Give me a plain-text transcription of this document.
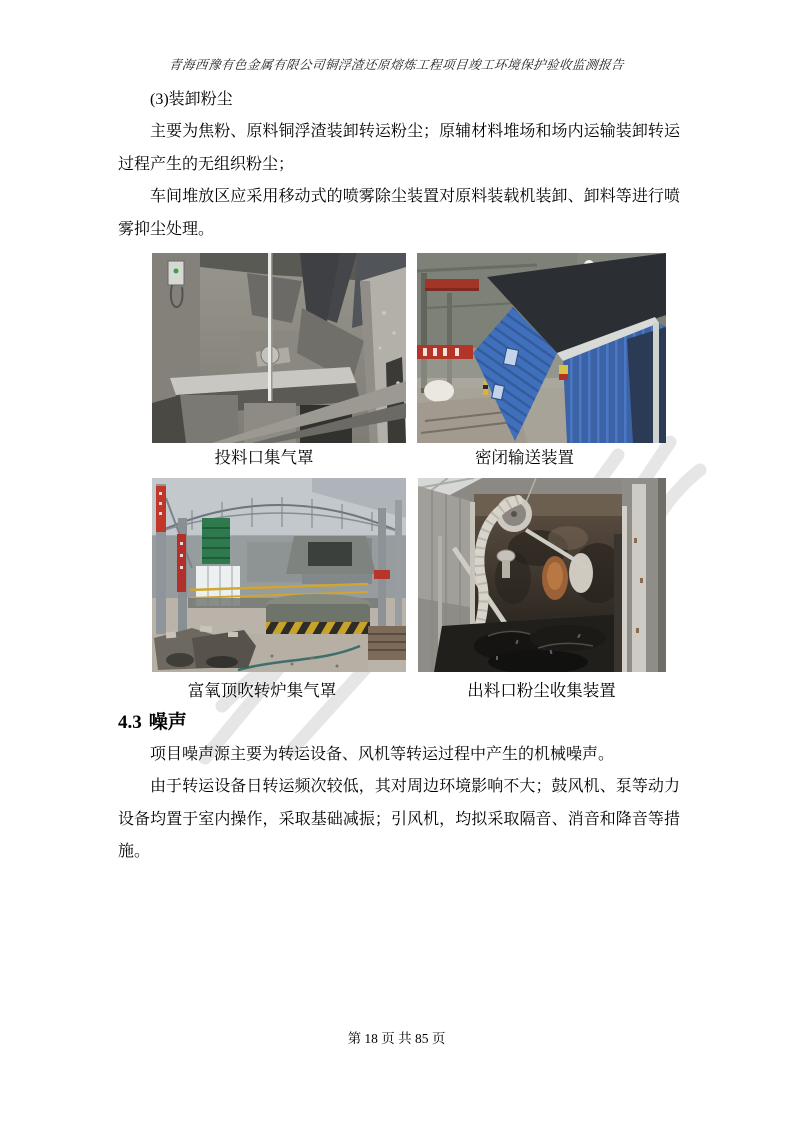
青海西豫有色金属有限公司铜浮渣还原熔炼工程项目竣工环境保护验收监测报告

(3)装卸粉尘

主要为焦粉、原料铜浮渣装卸转运粉尘；原辅材料堆场和场内运输装卸转运过程产生的无组织粉尘；

车间堆放区应采用移动式的喷雾除尘装置对原料装载机装卸、卸料等进行喷雾抑尘处理。

投料口集气罩	密闭输送装置
富氧顶吹转炉集气罩	出料口粉尘收集装置
4.3 噪声

项目噪声源主要为转运设备、风机等转运过程中产生的机械噪声。

由于转运设备日转运频次较低，其对周边环境影响不大；鼓风机、泵等动力设备均置于室内操作，采取基础减振；引风机，均拟采取隔音、消音和降音等措施。

第 18 页 共 85 页
